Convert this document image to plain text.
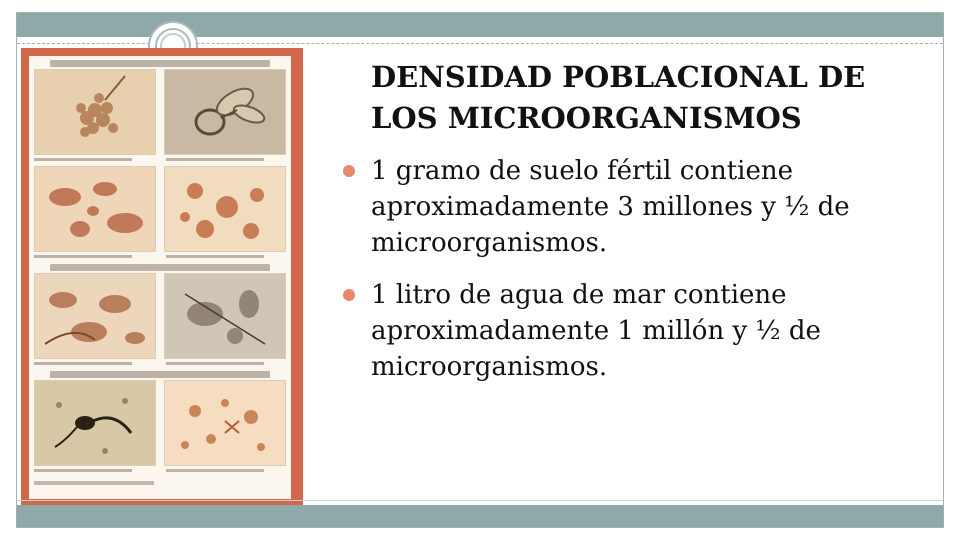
DENSIDAD POBLACIONAL DE LOS MICROORGANISMOS
1 gramo de suelo fértil contiene aproximadamente 3 millones y ½ de microorganismos.
1 litro de agua de mar contiene aproximadamente 1 millón y ½ de microorganismos.
